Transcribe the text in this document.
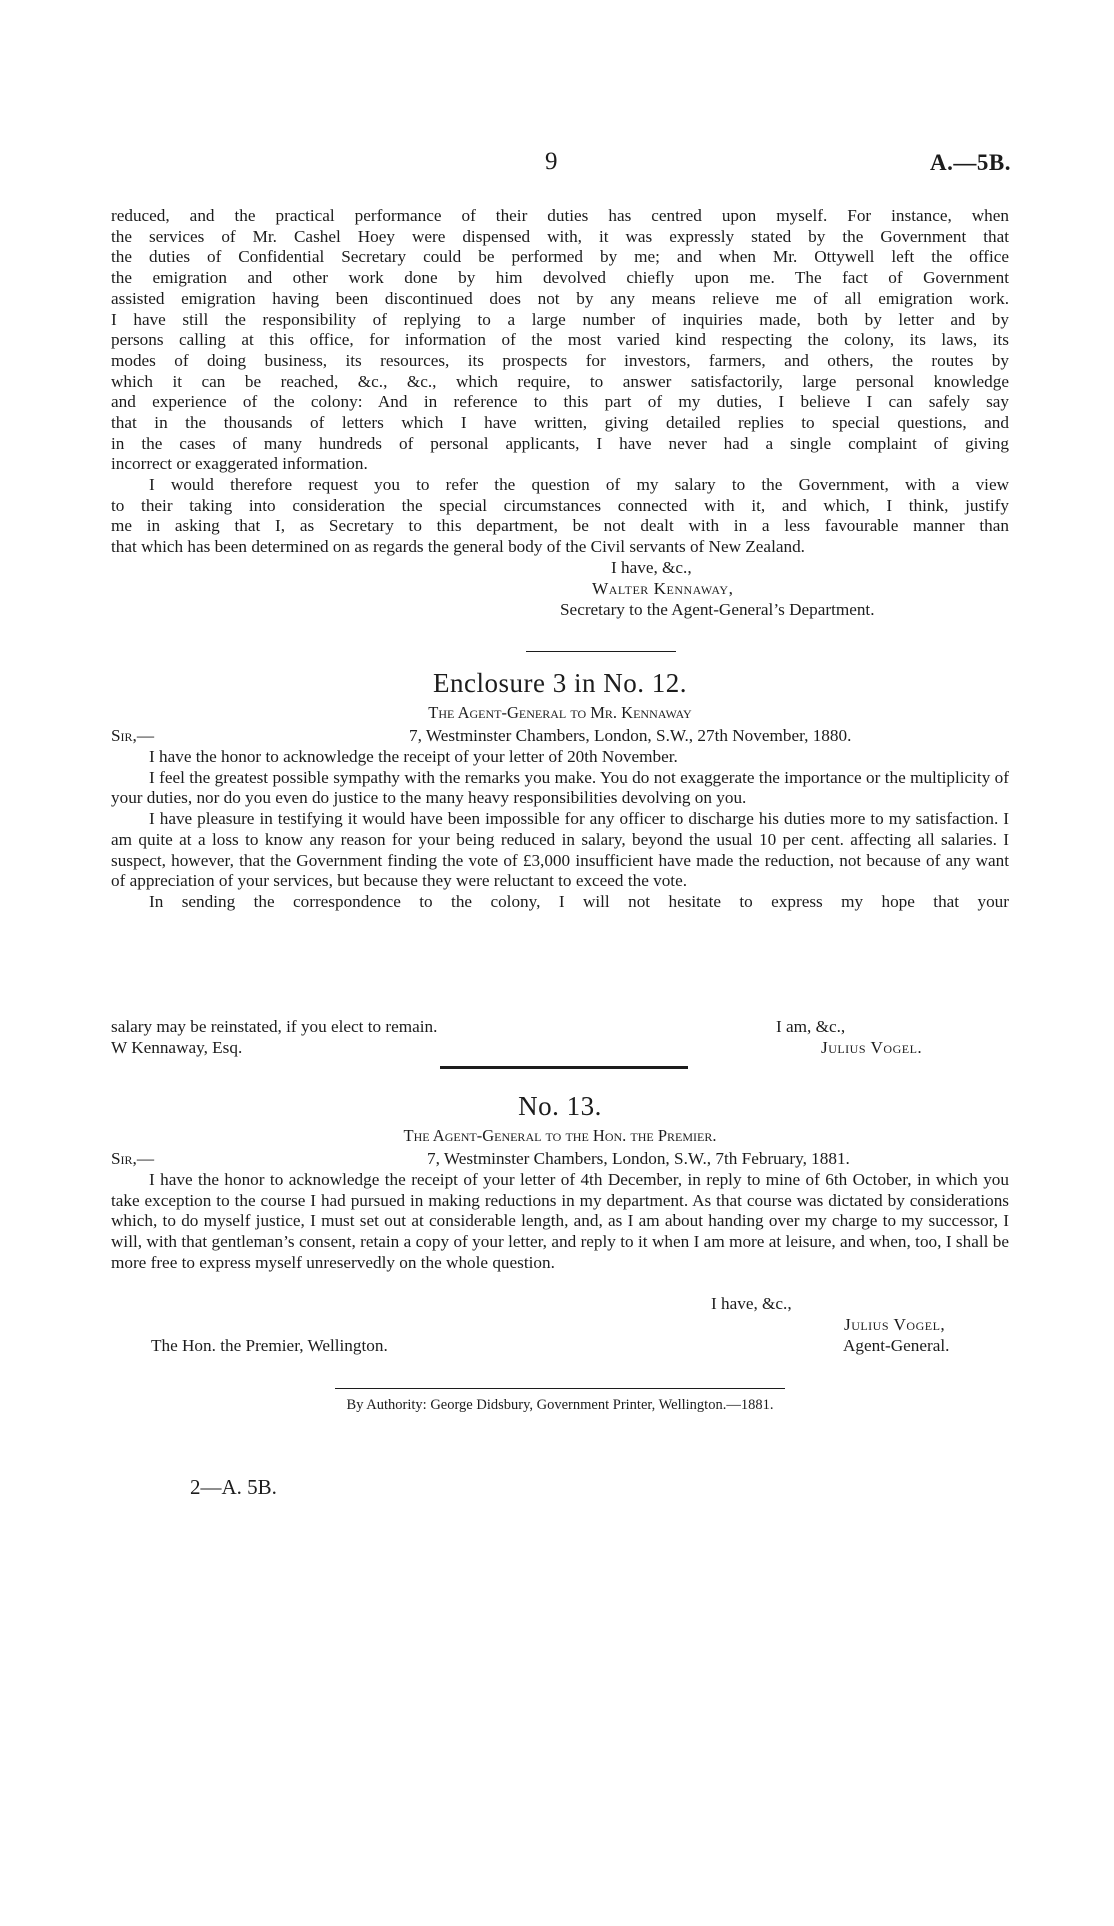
9	A.—5B.

reduced, and the practical performance of their duties has centred upon myself. For instance, when

the services of Mr. Cashel Hoey were dispensed with, it was expressly stated by the Government that

the duties of Confidential Secretary could be performed by me; and when Mr. Ottywell left the office

the emigration and other work done by him devolved chiefly upon me. The fact of Government

assisted emigration having been discontinued does not by any means relieve me of all emigration work.

I have still the responsibility of replying to a large number of inquiries made, both by letter and by

persons calling at this office, for information of the most varied kind respecting the colony, its laws, its

modes of doing business, its resources, its prospects for investors, farmers, and others, the routes by

which it can be reached, &c., &c., which require, to answer satisfactorily, large personal knowledge

and experience of the colony: And in reference to this part of my duties, I believe I can safely say

that in the thousands of letters which I have written, giving detailed replies to special questions, and

in the cases of many hundreds of personal applicants, I have never had a single complaint of giving

incorrect or exaggerated information.

I would therefore request you to refer the question of my salary to the Government, with a view

to their taking into consideration the special circumstances connected with it, and which, I think, justify

me in asking that I, as Secretary to this department, be not dealt with in a less favourable manner than

that which has been determined on as regards the general body of the Civil servants of New Zealand.

I have, &c.,
Walter Kennaway,
Secretary to the Agent-General’s Department.
Enclosure 3 in No. 12.
The Agent-General to Mr. Kennaway
Sir,—	7, Westminster Chambers, London, S.W., 27th November, 1880.

I have the honor to acknowledge the receipt of your letter of 20th November.

I feel the greatest possible sympathy with the remarks you make. You do not exaggerate the importance or the multiplicity of your duties, nor do you even do justice to the many heavy responsibilities devolving on you.

I have pleasure in testifying it would have been impossible for any officer to discharge his duties more to my satisfaction. I am quite at a loss to know any reason for your being reduced in salary, beyond the usual 10 per cent. affecting all salaries. I suspect, however, that the Government finding the vote of £3,000 insufficient have made the reduction, not because of any want of appreciation of your services, but because they were reluctant to exceed the vote.

In sending the correspondence to the colony, I will not hesitate to express my hope that your

salary may be reinstated, if you elect to remain.	I am, &c.,
W Kennaway, Esq.	Julius Vogel.
No. 13.
The Agent-General to the Hon. the Premier.
Sir,—	7, Westminster Chambers, London, S.W., 7th February, 1881.

I have the honor to acknowledge the receipt of your letter of 4th December, in reply to mine of 6th October, in which you take exception to the course I had pursued in making reductions in my department. As that course was dictated by considerations which, to do myself justice, I must set out at considerable length, and, as I am about handing over my charge to my successor, I will, with that gentleman’s consent, retain a copy of your letter, and reply to it when I am more at leisure, and when, too, I shall be more free to express myself unreservedly on the whole question.

I have, &c.,
Julius Vogel,
The Hon. the Premier, Wellington.	Agent-General.
By Authority: George Didsbury, Government Printer, Wellington.—1881.
2—A. 5B.
